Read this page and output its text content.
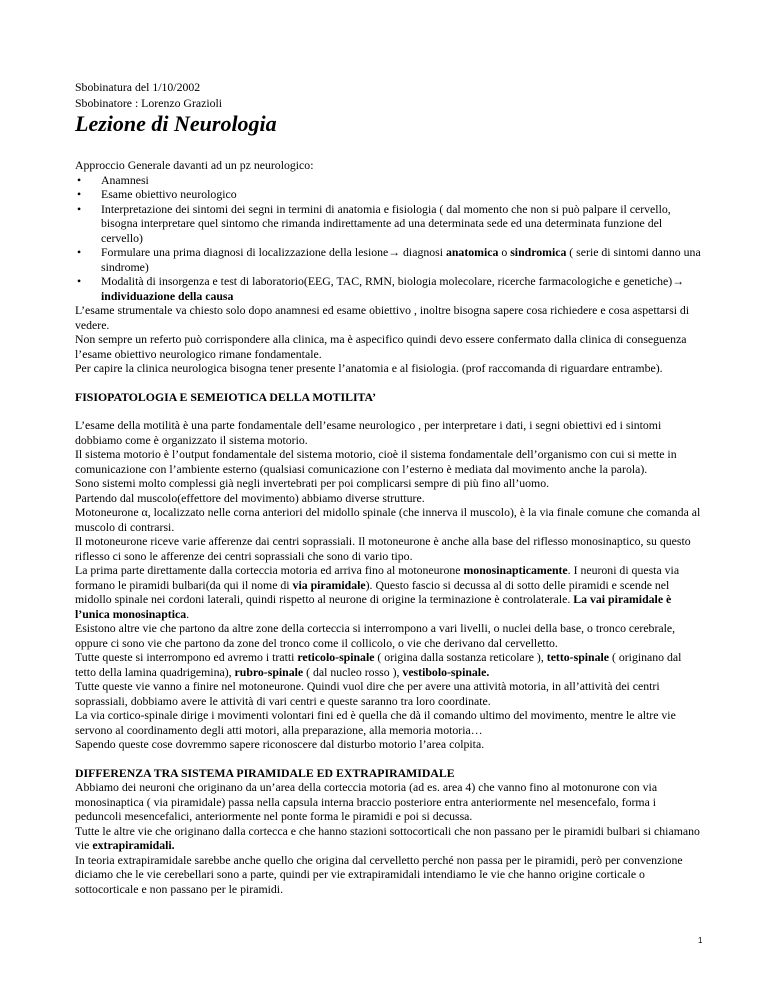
Sbobinatura del 1/10/2002
Sbobinatore : Lorenzo Grazioli
Lezione di Neurologia

Approccio Generale davanti ad un pz neurologico:

• Anamnesi
• Esame obiettivo neurologico
• Interpretazione dei sintomi dei segni in termini di anatomia e fisiologia ( dal momento che non si può palpare il cervello, bisogna interpretare quel sintomo che rimanda indirettamente ad una determinata sede ed una determinata funzione del cervello)
• Formulare una prima diagnosi di localizzazione della lesione→ diagnosi anatomica o sindromica ( serie di sintomi danno una sindrome)
• Modalità di insorgenza e test di laboratorio(EEG, TAC, RMN, biologia molecolare, ricerche farmacologiche e genetiche)→ individuazione della causa

L’esame strumentale va chiesto solo dopo anamnesi ed esame obiettivo , inoltre bisogna sapere cosa richiedere e cosa aspettarsi di vedere.

Non sempre un referto può corrispondere alla clinica, ma è aspecifico quindi devo essere confermato dalla clinica di conseguenza l’esame obiettivo neurologico rimane fondamentale.

Per capire la clinica neurologica bisogna tener presente l’anatomia e al fisiologia. (prof raccomanda di riguardare entrambe).

FISIOPATOLOGIA E SEMEIOTICA DELLA MOTILITA’

L’esame della motilità è una parte fondamentale dell’esame neurologico , per interpretare i dati, i segni obiettivi ed i sintomi dobbiamo come è organizzato il sistema motorio.

Il sistema motorio è l’output fondamentale del sistema motorio, cioè il sistema fondamentale dell’organismo con cui si mette in comunicazione con l’ambiente esterno (qualsiasi comunicazione con l’esterno è mediata dal movimento anche la parola).

Sono sistemi molto complessi già negli invertebrati per poi complicarsi sempre di più fino all’uomo.

Partendo dal muscolo(effettore del movimento) abbiamo diverse strutture.

Motoneurone α, localizzato nelle corna anteriori del midollo spinale (che innerva il muscolo), è la via finale comune che comanda al muscolo di contrarsi.

Il motoneurone riceve varie afferenze dai centri soprassiali. Il motoneurone è anche alla base del riflesso monosinaptico, su questo riflesso ci sono le afferenze dei centri soprassiali che sono di vario tipo.

La prima parte direttamente dalla corteccia motoria ed arriva fino al motoneurone monosinapticamente. I neuroni di questa via formano le piramidi bulbari(da qui il nome di via piramidale). Questo fascio si decussa al di sotto delle piramidi e scende nel midollo spinale nei cordoni laterali, quindi rispetto al neurone di origine la terminazione è controlaterale. La vai piramidale è l’unica monosinaptica.

Esistono altre vie che partono da altre zone della corteccia si interrompono a vari livelli, o nuclei della base, o tronco cerebrale, oppure ci sono vie che partono da zone del tronco come il collicolo, o vie che derivano dal cervelletto.

Tutte queste si interrompono ed avremo i tratti reticolo-spinale ( origina dalla sostanza reticolare ), tetto-spinale ( originano dal tetto della lamina quadrigemina), rubro-spinale ( dal nucleo rosso ), vestibolo-spinale.

Tutte queste vie vanno a finire nel motoneurone. Quindi vuol dire che per avere una attività motoria, in all’attività dei centri soprassiali, dobbiamo avere le attività di vari centri e queste saranno tra loro coordinate.

La via cortico-spinale dirige i movimenti volontari fini ed è quella che dà il comando ultimo del movimento, mentre le altre vie servono al coordinamento degli atti motori, alla preparazione, alla memoria motoria…

Sapendo queste cose dovremmo sapere riconoscere dal disturbo motorio l’area colpita.

DIFFERENZA TRA SISTEMA PIRAMIDALE ED EXTRAPIRAMIDALE

Abbiamo dei neuroni che originano da un’area della corteccia motoria (ad es. area 4) che vanno fino al motonurone con via monosinaptica ( via piramidale) passa nella capsula interna braccio posteriore entra anteriormente nel mesencefalo, forma i peduncoli mesencefalici, anteriormente nel ponte forma le piramidi e poi si decussa.

Tutte le altre vie che originano dalla cortecca e che hanno stazioni sottocorticali che non passano per le piramidi bulbari si chiamano vie extrapiramidali.

In teoria extrapiramidale sarebbe anche quello che origina dal cervelletto perché non passa per le piramidi, però per convenzione diciamo che le vie cerebellari sono a parte, quindi per vie extrapiramidali intendiamo le vie che hanno origine corticale o sottocorticale e non passano per le piramidi.

1
